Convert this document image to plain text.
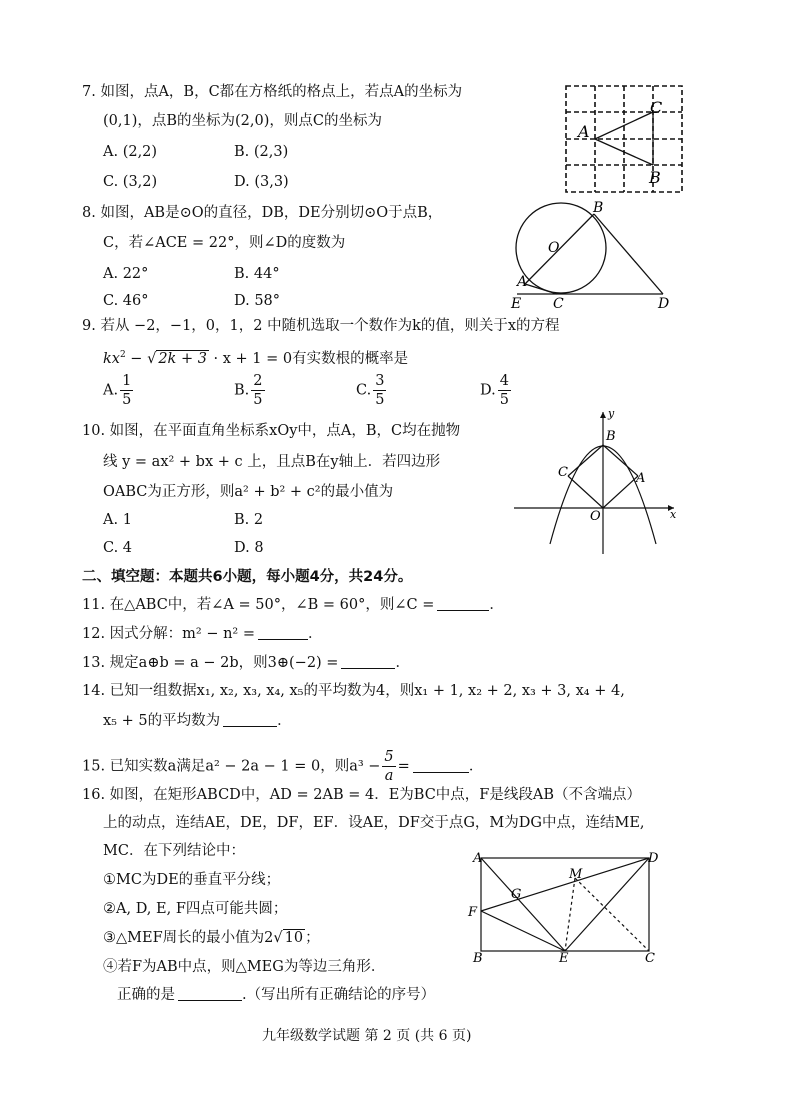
7. 如图，点A，B，C都在方格纸的格点上，若点A的坐标为
(0,1)，点B的坐标为(2,0)，则点C的坐标为
A. (2,2)	B. (2,3)
C. (3,2)	D. (3,3)
A
C
B
8. 如图，AB是⊙O的直径，DB，DE分别切⊙O于点B，
C，若∠ACE = 22°，则∠D的度数为
A. 22°	B. 44°
C. 46°	D. 58°
O
B
A
E C	D
9. 若从 −2，−1，0，1，2 中随机选取一个数作为k的值，则关于x的方程
$kx^2$ − √ 2k + 3 · x + 1 = 0有实数根的概率是
A. $\frac{1}{5}$	B. $\frac{2}{5}$	C. $\frac{3}{5}$	D. $\frac{4}{5}$
10. 如图，在平面直角坐标系xOy中，点A，B，C均在抛物
线 y = ax² + bx + c 上，且点B在y轴上．若四边形
OABC为正方形，则a² + b² + c²的最小值为
A. 1	B. 2
C. 4	D. 8
y
x
B
C	A
O
二、填空题：本题共6小题，每小题4分，共24分。
11. 在△ABC中，若∠A = 50°，∠B = 60°，则∠C =	．
12. 因式分解：m² − n² =	．
13. 规定a⊕b = a − 2b，则3⊕(−2) =	．
14. 已知一组数据x₁, x₂, x₃, x₄, x₅的平均数为4，则x₁ + 1, x₂ + 2, x₃ + 3, x₄ + 4,
x₅ + 5的平均数为	．
15. 已知实数a满足a² − 2a − 1 = 0，则$a^3 - \frac{5}{a}$ =	．
16. 如图，在矩形ABCD中，AD = 2AB = 4．E为BC中点，F是线段AB（不含端点）
上的动点，连结AE，DE，DF，EF．设AE，DF交于点G，M为DG中点，连结ME,
MC．在下列结论中：
①MC为DE的垂直平分线；
②A, D, E, F四点可能共圆；
③△MEF周长的最小值为2√ 10 ；
④若F为AB中点，则△MEG为等边三角形．
正确的是	.（写出所有正确结论的序号）
A	D
B	E	C
F
G
M
九年级数学试题 第 2 页 (共 6 页)
